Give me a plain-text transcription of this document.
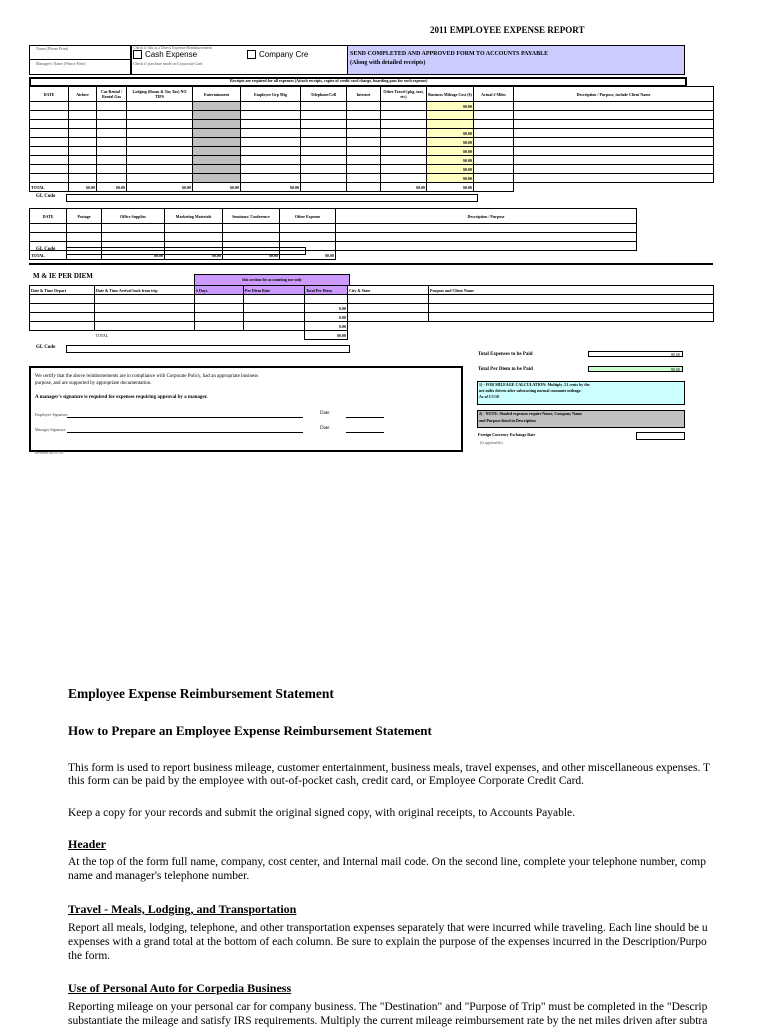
2011 EMPLOYEE EXPENSE REPORT
Name (Please Print)
Manager's Name (Please Print)
Check if this is a Direct Expense Reimbursement
Cash Expense	Company Cre
Check if purchase made on Corporate Card
SEND COMPLETED AND APPROVED FORM TO ACCOUNTS PAYABLE
(Along with detailed receipts)
Receipts are required for all expenses (Attach receipts, copies of credit card charge, boarding pass for each expense)
DATE	Airfare	Car Rental / Rental Gas	Lodging (Room & Tax Tax) NO TIPS	Entertainment	Employee Grp Mtg	Telephone/Cell	Internet	Other Travel (pkg, taxi, etc)	Business Mileage Cost ($)	Actual # Miles	Description / Purpose, include Client Name
									$0.00		

									$0.00		
									$0.00		
									$0.00		
									$0.00		
									$0.00		
									$0.00		
TOTAL	$0.00	$0.00	$0.00	$0.00	$0.00			$0.00	$0.00		
GL Code
DATE	Postage	Office Supplies	Marketing Materials	Seminars/ Conference	Other Expense	Description / Purpose

TOTAL		$0.00	$0.00	$0.00	$0.00	
GL Code
M & IE PER DIEM	this section for accounting use only
Date & Time Depart	Date & Time Arrival back from trip	# Days	Per Diem Rate	Total Per Diem	City & State	Purpose and Client Name

				0.00		
				0.00		
				0.00		
	TOTAL			$0.00		
GL Code
We certify that the above reimbursements are in compliance with Corporate Policy, had an appropriate business
purpose, and are supported by appropriate documentation.
A manager's signature is required for expenses requiring approval by a manager.
Employee Signature	Date
Manager Signature	Date
Revised 06/11/10
Total Expenses to be Paid	$0.00
Total Per Diem to be Paid	$0.00
1) - FOR MILEAGE CALCULATION: Multiply .51 cents by the
net miles driven after subtracting normal commute mileage.
As of 1/1/10
2) - NOTE: Shaded expenses require Name, Company Name
and Purpose listed in Description
Foreign Currency Exchange Rate
(if applicable)
Employee Expense Reimbursement Statement
How to Prepare an Employee Expense Reimbursement Statement
This form is used to report business mileage, customer entertainment, business meals, travel expenses, and other miscellaneous expenses. T
this form can be paid by the employee with out-of-pocket cash, credit card, or Employee Corporate Credit Card.
Keep a copy for your records and submit the original signed copy, with original receipts, to Accounts Payable.
Header
At the top of the form full name, company, cost center, and Internal mail code. On the second line, complete your telephone number, comp
name and manager's telephone number.
Travel - Meals, Lodging, and Transportation
Report all meals, lodging, telephone, and other transportation expenses separately that were incurred while traveling. Each line should be u
expenses with a grand total at the bottom of each column. Be sure to explain the purpose of the expenses incurred in the Description/Purpo
the form.
Use of Personal Auto for Corpedia Business
Reporting mileage on your personal car for company business. The "Destination" and "Purpose of Trip" must be completed in the "Descrip
substantiate the mileage and satisfy IRS requirements. Multiply the current mileage reimbursement rate by the net miles driven after subtra
